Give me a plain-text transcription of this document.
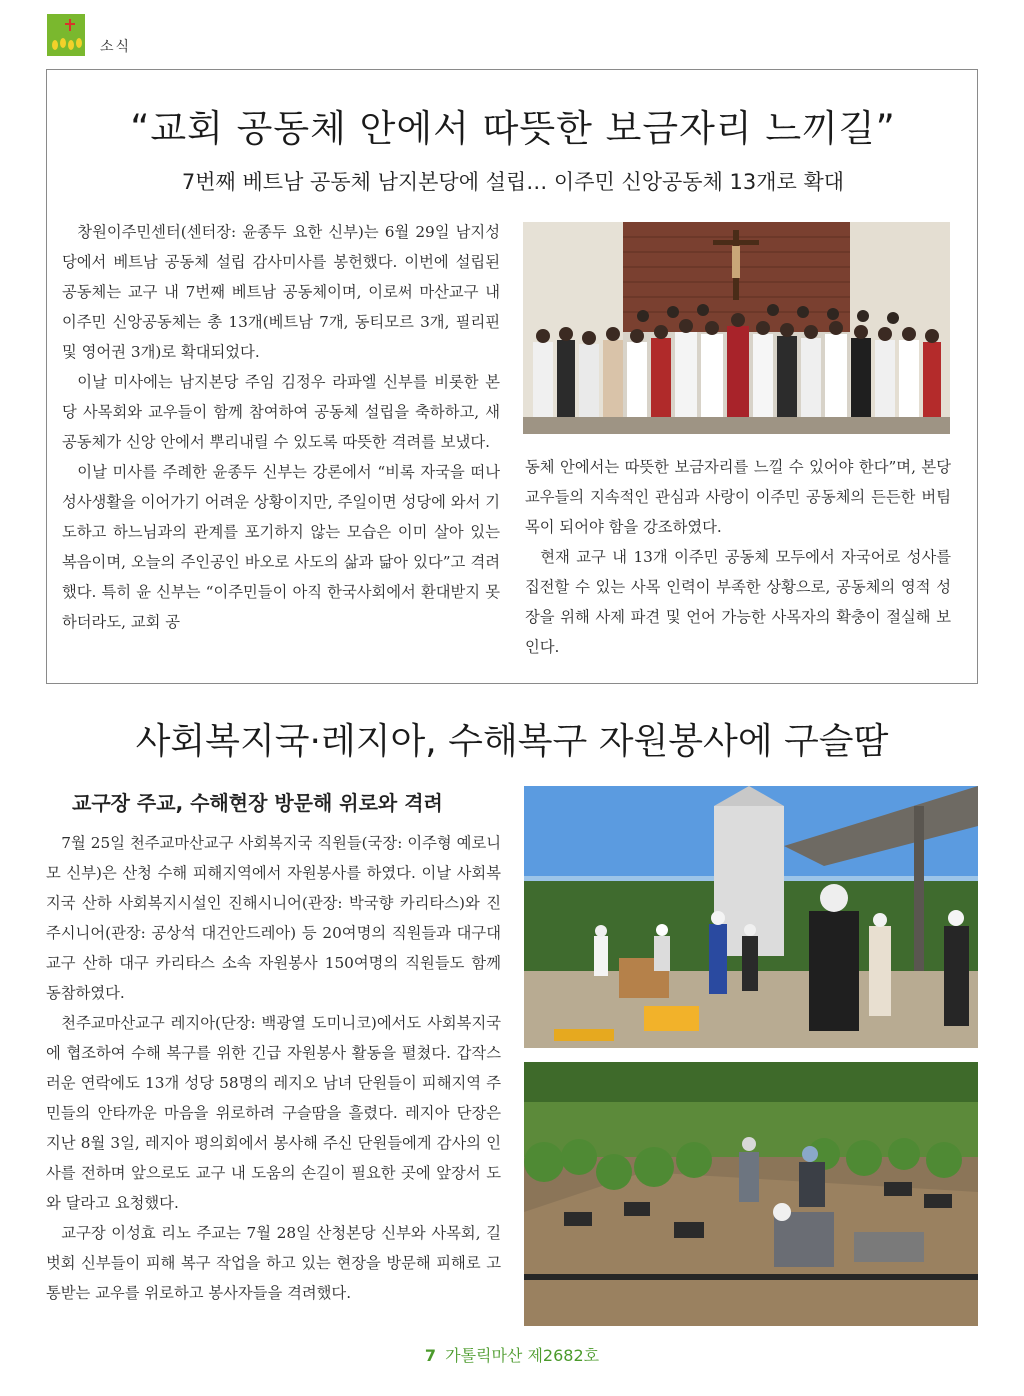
소식
“교회 공동체 안에서 따뜻한 보금자리 느끼길”
7번째 베트남 공동체 남지본당에 설립… 이주민 신앙공동체 13개로 확대

창원이주민센터(센터장: 윤종두 요한 신부)는 6월 29일 남지성당에서 베트남 공동체 설립 감사미사를 봉헌했다. 이번에 설립된 공동체는 교구 내 7번째 베트남 공동체이며, 이로써 마산교구 내 이주민 신앙공동체는 총 13개(베트남 7개, 동티모르 3개, 필리핀 및 영어권 3개)로 확대되었다.

이날 미사에는 남지본당 주임 김정우 라파엘 신부를 비롯한 본당 사목회와 교우들이 함께 참여하여 공동체 설립을 축하하고, 새 공동체가 신앙 안에서 뿌리내릴 수 있도록 따뜻한 격려를 보냈다.

이날 미사를 주례한 윤종두 신부는 강론에서 “비록 자국을 떠나 성사생활을 이어가기 어려운 상황이지만, 주일이면 성당에 와서 기도하고 하느님과의 관계를 포기하지 않는 모습은 이미 살아 있는 복음이며, 오늘의 주인공인 바오로 사도의 삶과 닮아 있다”고 격려했다. 특히 윤 신부는 “이주민들이 아직 한국사회에서 환대받지 못하더라도, 교회 공

동체 안에서는 따뜻한 보금자리를 느낄 수 있어야 한다”며, 본당교우들의 지속적인 관심과 사랑이 이주민 공동체의 든든한 버팀목이 되어야 함을 강조하였다.

현재 교구 내 13개 이주민 공동체 모두에서 자국어로 성사를 집전할 수 있는 사목 인력이 부족한 상황으로, 공동체의 영적 성장을 위해 사제 파견 및 언어 가능한 사목자의 확충이 절실해 보인다.

사회복지국·레지아, 수해복구 자원봉사에 구슬땀
교구장 주교, 수해현장 방문해 위로와 격려

7월 25일 천주교마산교구 사회복지국 직원들(국장: 이주형 예로니모 신부)은 산청 수해 피해지역에서 자원봉사를 하였다. 이날 사회복지국 산하 사회복지시설인 진해시니어(관장: 박국향 카리타스)와 진주시니어(관장: 공상석 대건안드레아) 등 20여명의 직원들과 대구대교구 산하 대구 카리타스 소속 자원봉사 150여명의 직원들도 함께 동참하였다.

천주교마산교구 레지아(단장: 백광열 도미니코)에서도 사회복지국에 협조하여 수해 복구를 위한 긴급 자원봉사 활동을 펼쳤다. 갑작스러운 연락에도 13개 성당 58명의 레지오 남녀 단원들이 피해지역 주민들의 안타까운 마음을 위로하려 구슬땀을 흘렸다. 레지아 단장은 지난 8월 3일, 레지아 평의회에서 봉사해 주신 단원들에게 감사의 인사를 전하며 앞으로도 교구 내 도움의 손길이 필요한 곳에 앞장서 도와 달라고 요청했다.

교구장 이성효 리노 주교는 7월 28일 산청본당 신부와 사목회, 길벗회 신부들이 피해 복구 작업을 하고 있는 현장을 방문해 피해로 고통받는 교우를 위로하고 봉사자들을 격려했다.

7 가톨릭마산 제2682호
